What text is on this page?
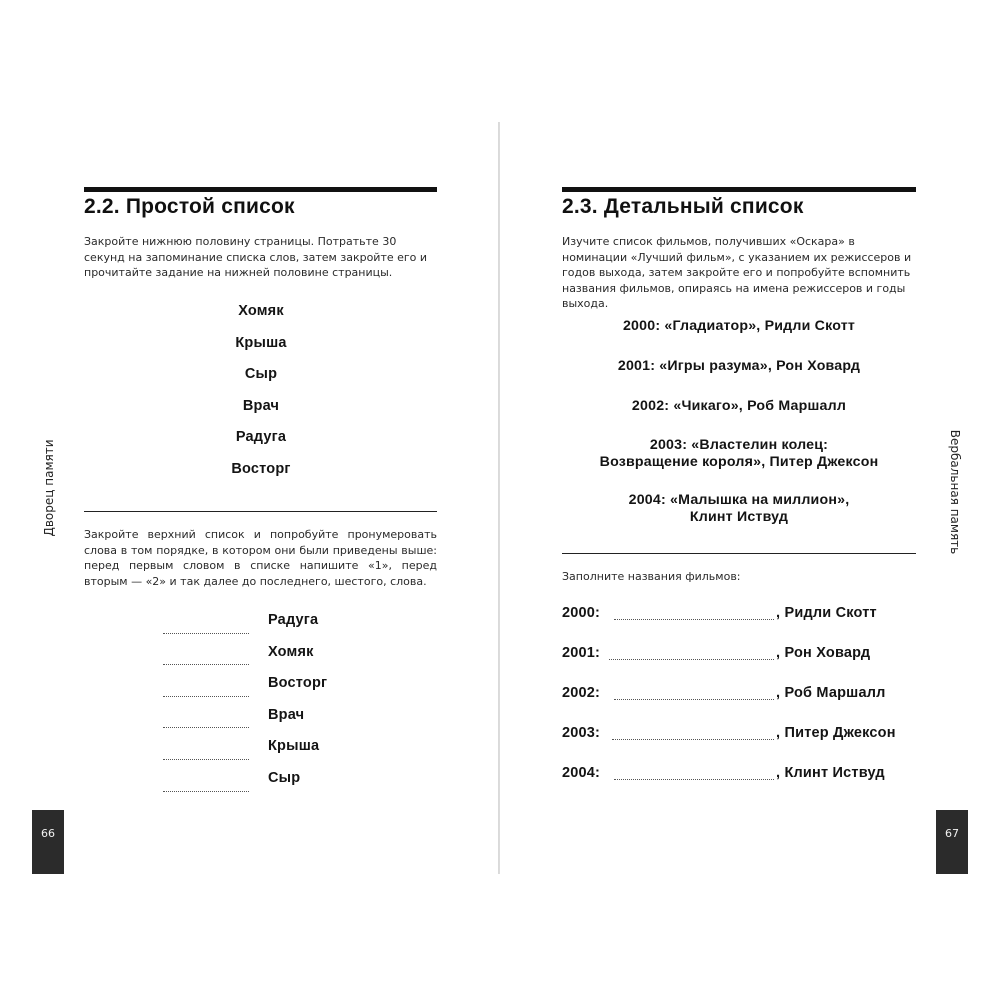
2.2. Простой список

Закройте нижнюю половину страницы. Потратьте 30 секунд на запоминание списка слов, затем закройте его и прочитайте задание на нижней половине страницы.

Хомяк
Крыша
Сыр
Врач
Радуга
Восторг

Закройте верхний список и попробуйте пронумеровать слова в том порядке, в котором они были приведены выше: перед первым словом в списке напишите «1», перед вторым — «2» и так далее до последнего, шестого, слова.

Радуга
Хомяк
Восторг
Врач
Крыша
Сыр
Дворец памяти
66
2.3. Детальный список

Изучите список фильмов, получивших «Оскара» в номинации «Лучший фильм», с указанием их режиссеров и годов выхода, затем закройте его и попробуйте вспомнить названия фильмов, опираясь на имена режиссеров и годы выхода.

2000: «Гладиатор», Ридли Скотт
2001: «Игры разума», Рон Ховард
2002: «Чикаго», Роб Маршалл
2003: «Властелин колец:
Возвращение короля», Питер Джексон
2004: «Малышка на миллион»,
Клинт Иствуд

Заполните названия фильмов:

2000:	, Ридли Скотт
2001:	, Рон Ховард
2002:	, Роб Маршалл
2003:	, Питер Джексон
2004:	, Клинт Иствуд
Вербальная память
67
